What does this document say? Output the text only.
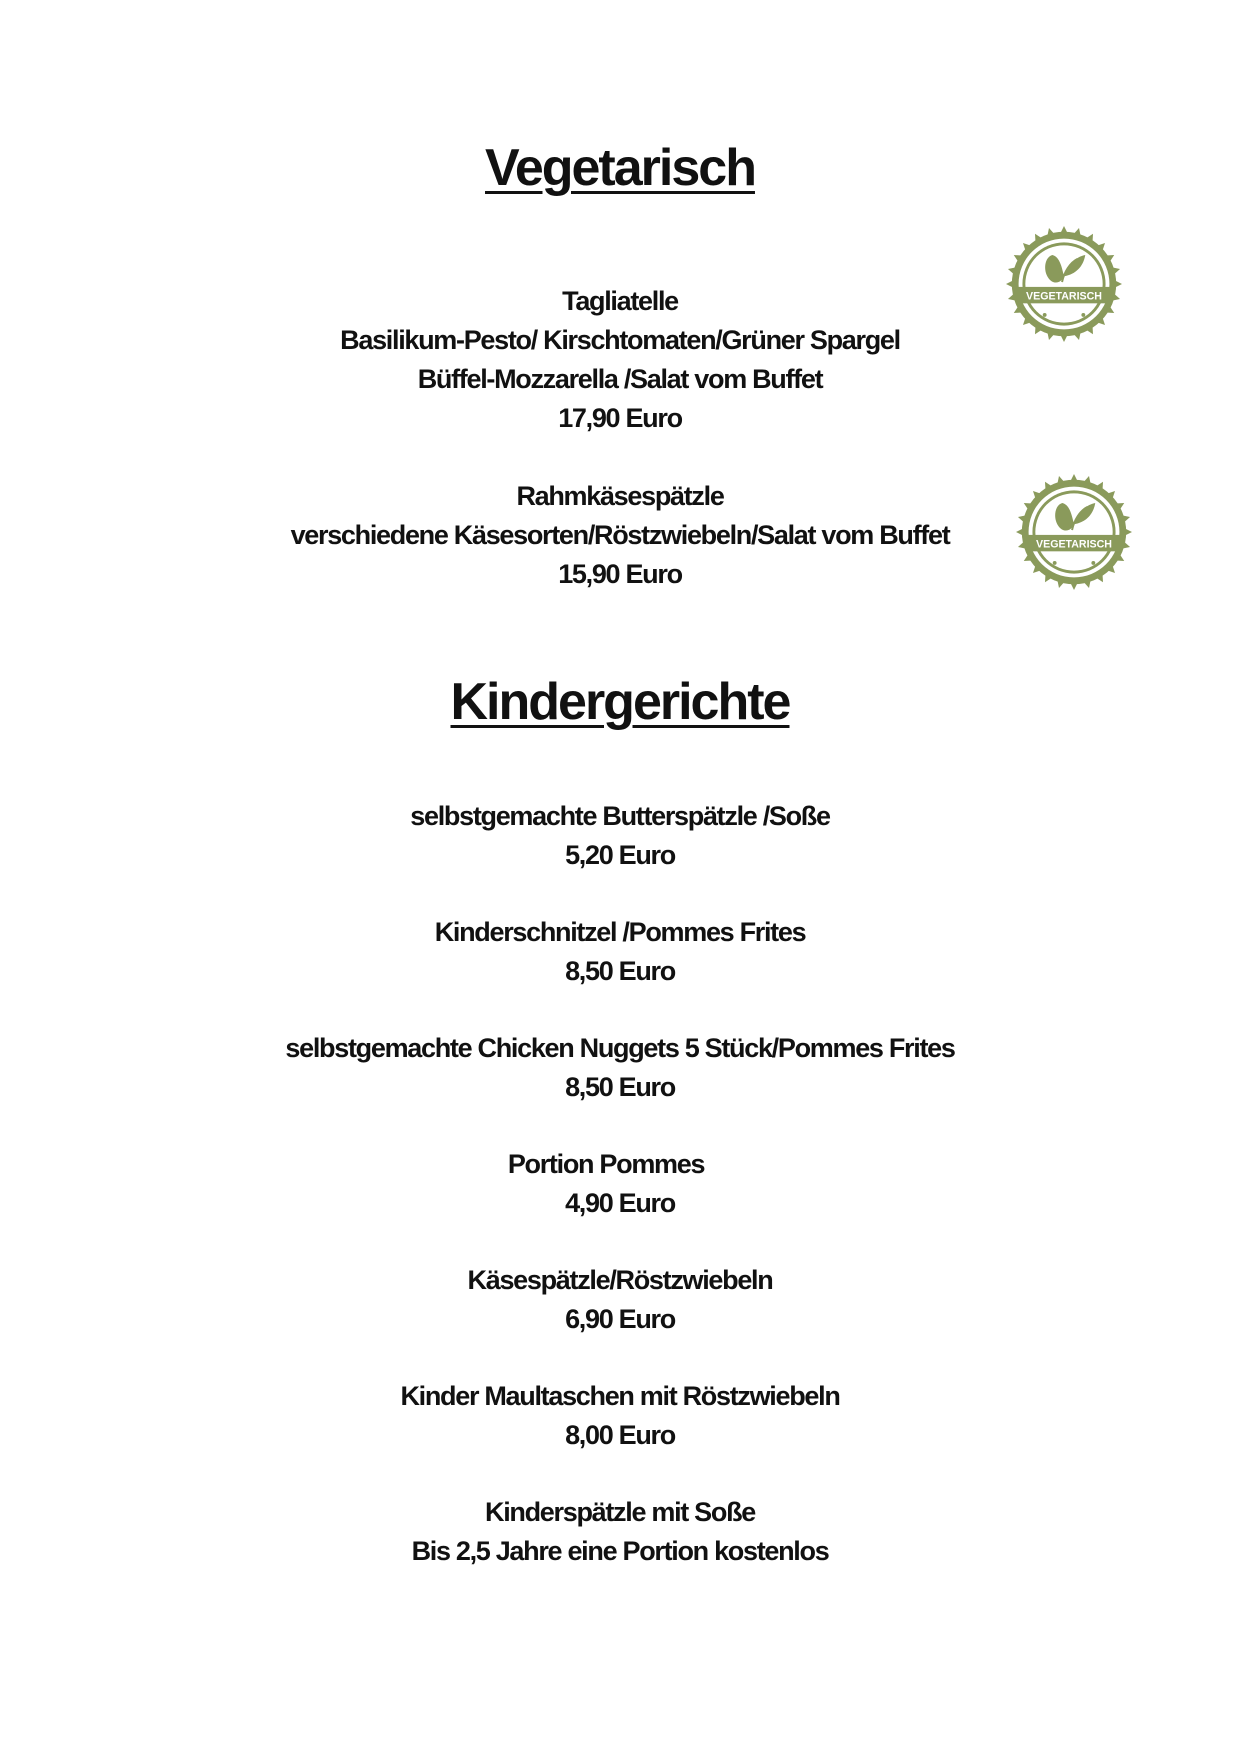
Vegetarisch
VEGETARISCH
Tagliatelle
Basilikum-Pesto/ Kirschtomaten/Grüner Spargel
Büffel-Mozzarella /Salat vom Buffet
17,90 Euro
VEGETARISCH
Rahmkäsespätzle
verschiedene Käsesorten/Röstzwiebeln/Salat vom Buffet
15,90 Euro
Kindergerichte
selbstgemachte Butterspätzle /Soße
5,20 Euro
Kinderschnitzel /Pommes Frites
8,50 Euro
selbstgemachte Chicken Nuggets 5 Stück/Pommes Frites
8,50 Euro
Portion Pommes
4,90 Euro
Käsespätzle/Röstzwiebeln
6,90 Euro
Kinder Maultaschen mit Röstzwiebeln
8,00 Euro
Kinderspätzle mit Soße
Bis 2,5 Jahre eine Portion kostenlos
